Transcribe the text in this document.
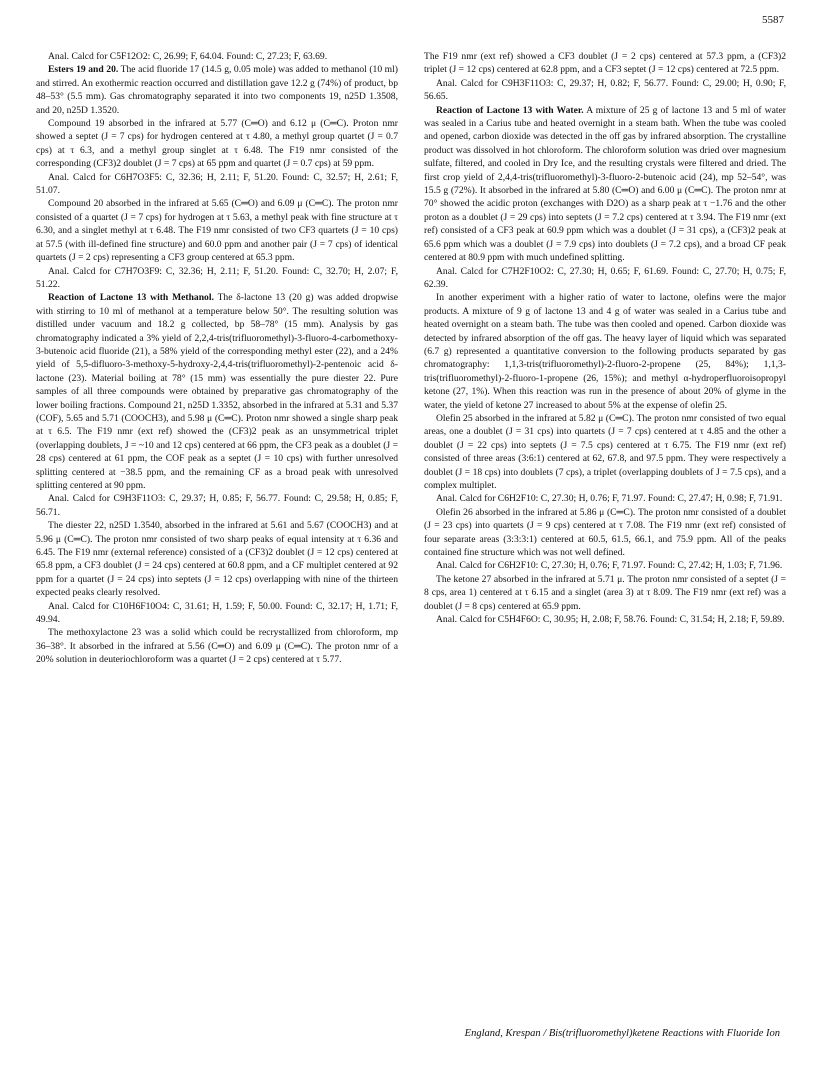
5587

Anal. Calcd for C5F12O2: C, 26.99; F, 64.04. Found: C, 27.23; F, 63.69.

Esters 19 and 20. The acid fluoride 17 (14.5 g, 0.05 mole) was added to methanol (10 ml) and stirred. An exothermic reaction occurred and distillation gave 12.2 g (74%) of product, bp 48–53° (5.5 mm). Gas chromatography separated it into two components 19, n25D 1.3508, and 20, n25D 1.3520.

Compound 19 absorbed in the infrared at 5.77 (C═O) and 6.12 μ (C═C). Proton nmr showed a septet (J = 7 cps) for hydrogen centered at τ 4.80, a methyl group quartet (J = 0.7 cps) at τ 6.3, and a methyl group singlet at τ 6.48. The F19 nmr consisted of the corresponding (CF3)2 doublet (J = 7 cps) at 65 ppm and quartet (J = 0.7 cps) at 59 ppm.

Anal. Calcd for C6H7O3F5: C, 32.36; H, 2.11; F, 51.20. Found: C, 32.57; H, 2.61; F, 51.07.

Compound 20 absorbed in the infrared at 5.65 (C═O) and 6.09 μ (C═C). The proton nmr consisted of a quartet (J = 7 cps) for hydrogen at τ 5.63, a methyl peak with fine structure at τ 6.30, and a singlet methyl at τ 6.48. The F19 nmr consisted of two CF3 quartets (J = 10 cps) at 57.5 (with ill-defined fine structure) and 60.0 ppm and another pair (J = 7 cps) of identical quartets (J = 2 cps) representing a CF3 group centered at 65.3 ppm.

Anal. Calcd for C7H7O3F9: C, 32.36; H, 2.11; F, 51.20. Found: C, 32.70; H, 2.07; F, 51.22.

Reaction of Lactone 13 with Methanol. The δ-lactone 13 (20 g) was added dropwise with stirring to 10 ml of methanol at a temperature below 50°. The resulting solution was distilled under vacuum and 18.2 g collected, bp 58–78° (15 mm). Analysis by gas chromatography indicated a 3% yield of 2,2,4-tris(trifluoromethyl)-3-fluoro-4-carbomethoxy-3-butenoic acid fluoride (21), a 58% yield of the corresponding methyl ester (22), and a 24% yield of 5,5-difluoro-3-methoxy-5-hydroxy-2,4,4-tris(trifluoromethyl)-2-pentenoic acid δ-lactone (23). Material boiling at 78° (15 mm) was essentially the pure diester 22. Pure samples of all three compounds were obtained by preparative gas chromatography of the lower boiling fractions. Compound 21, n25D 1.3352, absorbed in the infrared at 5.31 and 5.37 (COF), 5.65 and 5.71 (COOCH3), and 5.98 μ (C═C). Proton nmr showed a single sharp peak at τ 6.5. The F19 nmr (ext ref) showed the (CF3)2 peak as an unsymmetrical triplet (overlapping doublets, J = ~10 and 12 cps) centered at 66 ppm, the CF3 peak as a doublet (J = 28 cps) centered at 61 ppm, the COF peak as a septet (J = 10 cps) with further unresolved splitting centered at −38.5 ppm, and the remaining CF as a broad peak with unresolved splitting centered at 90 ppm.

Anal. Calcd for C9H3F11O3: C, 29.37; H, 0.85; F, 56.77. Found: C, 29.58; H, 0.85; F, 56.71.

The diester 22, n25D 1.3540, absorbed in the infrared at 5.61 and 5.67 (COOCH3) and at 5.96 μ (C═C). The proton nmr consisted of two sharp peaks of equal intensity at τ 6.36 and 6.45. The F19 nmr (external reference) consisted of a (CF3)2 doublet (J = 12 cps) centered at 65.8 ppm, a CF3 doublet (J = 24 cps) centered at 60.8 ppm, and a CF multiplet centered at 92 ppm for a quartet (J = 24 cps) into septets (J = 12 cps) overlapping with nine of the thirteen expected peaks clearly resolved.

Anal. Calcd for C10H6F10O4: C, 31.61; H, 1.59; F, 50.00. Found: C, 32.17; H, 1.71; F, 49.94.

The methoxylactone 23 was a solid which could be recrystallized from chloroform, mp 36–38°. It absorbed in the infrared at 5.56 (C═O) and 6.09 μ (C═C). The proton nmr of a 20% solution in deuteriochloroform was a quartet (J = 2 cps) centered at τ 5.77.

The F19 nmr (ext ref) showed a CF3 doublet (J = 2 cps) centered at 57.3 ppm, a (CF3)2 triplet (J = 12 cps) centered at 62.8 ppm, and a CF3 septet (J = 12 cps) centered at 72.5 ppm.

Anal. Calcd for C9H3F11O3: C, 29.37; H, 0.82; F, 56.77. Found: C, 29.00; H, 0.90; F, 56.65.

Reaction of Lactone 13 with Water. A mixture of 25 g of lactone 13 and 5 ml of water was sealed in a Carius tube and heated overnight in a steam bath. When the tube was cooled and opened, carbon dioxide was detected in the off gas by infrared absorption. The crystalline product was dissolved in hot chloroform. The chloroform solution was dried over magnesium sulfate, filtered, and cooled in Dry Ice, and the resulting crystals were filtered and dried. The first crop yield of 2,4,4-tris(trifluoromethyl)-3-fluoro-2-butenoic acid (24), mp 52–54°, was 15.5 g (72%). It absorbed in the infrared at 5.80 (C═O) and 6.00 μ (C═C). The proton nmr at 70° showed the acidic proton (exchanges with D2O) as a sharp peak at τ −1.76 and the other proton as a doublet (J = 29 cps) into septets (J = 7.2 cps) centered at τ 3.94. The F19 nmr (ext ref) consisted of a CF3 peak at 60.9 ppm which was a doublet (J = 31 cps), a (CF3)2 peak at 65.6 ppm which was a doublet (J = 7.9 cps) into doublets (J = 7.2 cps), and a broad CF peak centered at 80.9 ppm with much undefined splitting.

Anal. Calcd for C7H2F10O2: C, 27.30; H, 0.65; F, 61.69. Found: C, 27.70; H, 0.75; F, 62.39.

In another experiment with a higher ratio of water to lactone, olefins were the major products. A mixture of 9 g of lactone 13 and 4 g of water was sealed in a Carius tube and heated overnight on a steam bath. The tube was then cooled and opened. Carbon dioxide was detected by infrared absorption of the off gas. The heavy layer of liquid which was separated (6.7 g) represented a quantitative conversion to the following products separated by gas chromatography: 1,1,3-tris(trifluoromethyl)-2-fluoro-2-propene (25, 84%); 1,1,3-tris(trifluoromethyl)-2-fluoro-1-propene (26, 15%); and methyl α-hydroperfluoroisopropyl ketone (27, 1%). When this reaction was run in the presence of about 20% of glyme in the water, the yield of ketone 27 increased to about 5% at the expense of olefin 25.

Olefin 25 absorbed in the infrared at 5.82 μ (C═C). The proton nmr consisted of two equal areas, one a doublet (J = 31 cps) into quartets (J = 7 cps) centered at τ 4.85 and the other a doublet (J = 22 cps) into septets (J = 7.5 cps) centered at τ 6.75. The F19 nmr (ext ref) consisted of three areas (3:6:1) centered at 62, 67.8, and 97.5 ppm. They were respectively a doublet (J = 18 cps) into doublets (7 cps), a triplet (overlapping doublets of J = 7.5 cps), and a complex multiplet.

Anal. Calcd for C6H2F10: C, 27.30; H, 0.76; F, 71.97. Found: C, 27.47; H, 0.98; F, 71.91.

Olefin 26 absorbed in the infrared at 5.86 μ (C═C). The proton nmr consisted of a doublet (J = 23 cps) into quartets (J = 9 cps) centered at τ 7.08. The F19 nmr (ext ref) consisted of four separate areas (3:3:3:1) centered at 60.5, 61.5, 66.1, and 75.9 ppm. All of the peaks contained fine structure which was not well defined.

Anal. Calcd for C6H2F10: C, 27.30; H, 0.76; F, 71.97. Found: C, 27.42; H, 1.03; F, 71.96.

The ketone 27 absorbed in the infrared at 5.71 μ. The proton nmr consisted of a septet (J = 8 cps, area 1) centered at τ 6.15 and a singlet (area 3) at τ 8.09. The F19 nmr (ext ref) was a doublet (J = 8 cps) centered at 65.9 ppm.

Anal. Calcd for C5H4F6O: C, 30.95; H, 2.08; F, 58.76. Found: C, 31.54; H, 2.18; F, 59.89.

England, Krespan / Bis(trifluoromethyl)ketene Reactions with Fluoride Ion
